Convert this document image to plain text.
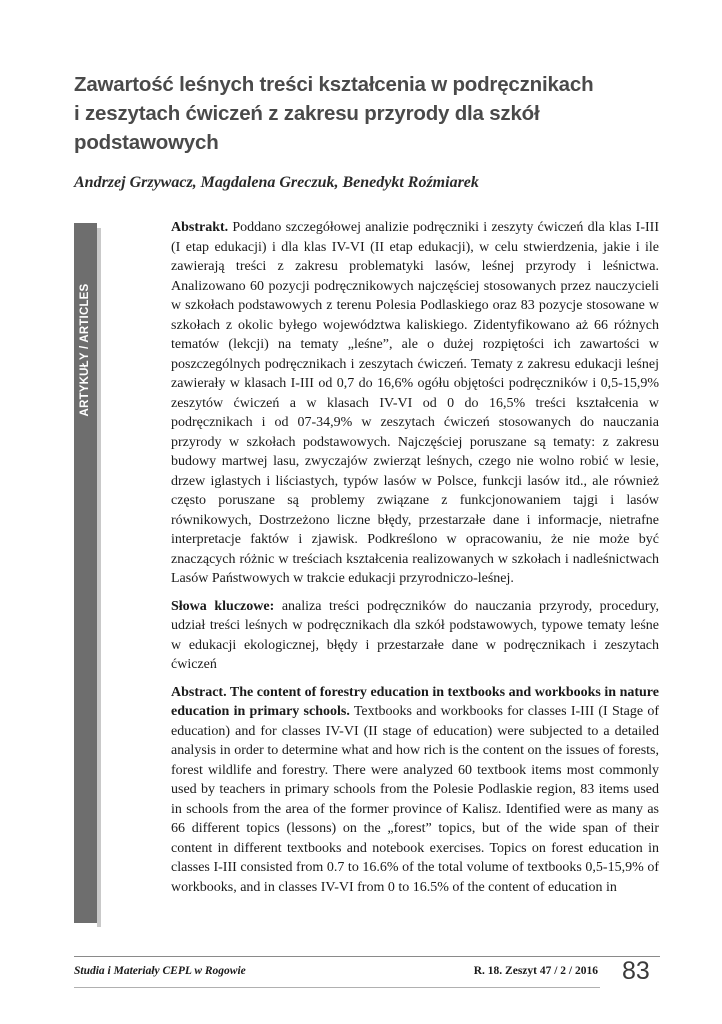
Zawartość leśnych treści kształcenia w podręcznikach
i zeszytach ćwiczeń z zakresu przyrody dla szkół
podstawowych
Andrzej Grzywacz, Magdalena Greczuk, Benedykt Roźmiarek
ARTYKUŁY / ARTICLES

Abstrakt. Poddano szczegółowej analizie podręczniki i zeszyty ćwiczeń dla klas I-III (I etap edukacji) i dla klas IV-VI (II etap edukacji), w celu stwierdzenia, jakie i ile zawierają treści z zakresu problematyki lasów, leśnej przyrody i leśnictwa. Analizowano 60 pozycji podręcznikowych najczęściej stosowanych przez nauczycieli w szkołach podstawowych z terenu Polesia Podlaskiego oraz 83 pozycje stosowane w szkołach z okolic byłego województwa kaliskiego. Zidentyfikowano aż 66 różnych tematów (lekcji) na tematy „leśne”, ale o dużej rozpiętości ich zawartości w poszczególnych podręcznikach i zeszytach ćwiczeń. Tematy z zakresu edukacji leśnej zawierały w klasach I-III od 0,7 do 16,6% ogółu objętości podręczników i 0,5-15,9% zeszytów ćwiczeń a w klasach IV-VI od 0 do 16,5% treści kształcenia w podręcznikach i od 07-34,9% w zeszytach ćwiczeń stosowanych do nauczania przyrody w szkołach podstawowych. Najczęściej poruszane są tematy: z zakresu budowy martwej lasu, zwyczajów zwierząt leśnych, czego nie wolno robić w lesie, drzew iglastych i liściastych, typów lasów w Polsce, funkcji lasów itd., ale również często poruszane są problemy związane z funkcjonowaniem tajgi i lasów równikowych, Dostrzeżono liczne błędy, przestarzałe dane i informacje, nietrafne interpretacje faktów i zjawisk. Podkreślono w opracowaniu, że nie może być znaczących różnic w treściach kształcenia realizowanych w szkołach i nadleśnictwach Lasów Państwowych w trakcie edukacji przyrodniczo-leśnej.

Słowa kluczowe: analiza treści podręczników do nauczania przyrody, procedury, udział treści leśnych w podręcznikach dla szkół podstawowych, typowe tematy leśne w edukacji ekologicznej, błędy i przestarzałe dane w podręcznikach i zeszytach ćwiczeń

Abstract. The content of forestry education in textbooks and workbooks in nature education in primary schools. Textbooks and workbooks for classes I-III (I Stage of education) and for classes IV-VI (II stage of education) were subjected to a detailed analysis in order to determine what and how rich is the content on the issues of forests, forest wildlife and forestry. There were analyzed 60 textbook items most commonly used by teachers in primary schools from the Polesie Podlaskie region, 83 items used in schools from the area of the former province of Kalisz. Identified were as many as 66 different topics (lessons) on the „forest” topics, but of the wide span of their content in different textbooks and notebook exercises. Topics on forest education in classes I-III consisted from 0.7 to 16.6% of the total volume of textbooks 0,5-15,9% of workbooks, and in classes IV-VI from 0 to 16.5% of the content of education in

Studia i Materiały CEPL w Rogowie	R. 18. Zeszyt 47 / 2 / 2016 83
